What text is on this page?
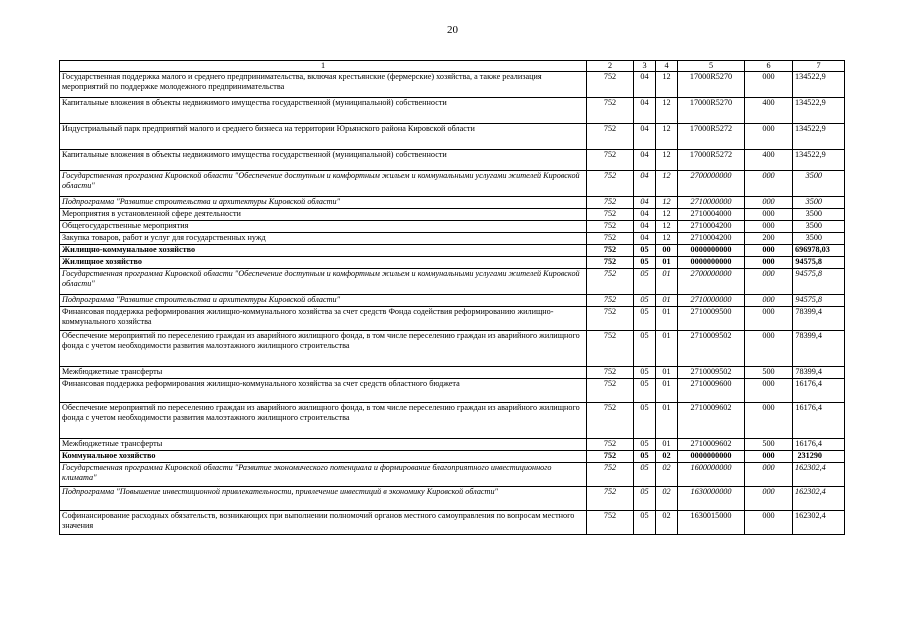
20
1	2	3	4	5	6	7
Государственная поддержка малого и среднего предпринимательства, включая крестьянские (фермерские) хозяйства, а также реализация мероприятий по поддержке молодежного предпринимательства	752	04	12	17000R5270	000	134522,9
Капитальные вложения в объекты недвижимого имущества государственной (муниципальной) собственности	752	04	12	17000R5270	400	134522,9
Индустриальный парк предприятий малого и среднего бизнеса на территории Юрьянского района Кировской области	752	04	12	17000R5272	000	134522,9
Капитальные вложения в объекты недвижимого имущества государственной (муниципальной) собственности	752	04	12	17000R5272	400	134522,9
Государственная программа Кировской области "Обеспечение доступным и комфортным жильем и коммунальными услугами жителей Кировской области"	752	04	12	2700000000	000	3500
Подпрограмма "Развитие строительства и архитектуры Кировской области"	752	04	12	2710000000	000	3500
Мероприятия в установленной сфере деятельности	752	04	12	2710004000	000	3500
Общегосударственные мероприятия	752	04	12	2710004200	000	3500
Закупка товаров, работ и услуг для государственных нужд	752	04	12	2710004200	200	3500
Жилищно-коммунальное хозяйство	752	05	00	0000000000	000	696978,03
Жилищное хозяйство	752	05	01	0000000000	000	94575,8
Государственная программа Кировской области "Обеспечение доступным и комфортным жильем и коммунальными услугами жителей Кировской области"	752	05	01	2700000000	000	94575,8
Подпрограмма "Развитие строительства и архитектуры Кировской области"	752	05	01	2710000000	000	94575,8
Финансовая поддержка реформирования жилищно-коммунального хозяйства за счет средств Фонда содействия реформированию жилищно-коммунального хозяйства	752	05	01	2710009500	000	78399,4
Обеспечение мероприятий по переселению граждан из аварийного жилищного фонда, в том числе переселению граждан из аварийного жилищного фонда с учетом необходимости развития малоэтажного жилищного строительства	752	05	01	2710009502	000	78399,4
Межбюджетные трансферты	752	05	01	2710009502	500	78399,4
Финансовая поддержка реформирования жилищно-коммунального хозяйства за счет средств областного бюджета	752	05	01	2710009600	000	16176,4
Обеспечение мероприятий по переселению граждан из аварийного жилищного фонда, в том числе переселению граждан из аварийного жилищного фонда с учетом необходимости развития малоэтажного жилищного строительства	752	05	01	2710009602	000	16176,4
Межбюджетные трансферты	752	05	01	2710009602	500	16176,4
Коммунальное хозяйство	752	05	02	0000000000	000	231290
Государственная программа Кировской области "Развитие экономического потенциала и формирование благоприятного инвестиционного климата"	752	05	02	1600000000	000	162302,4
Подпрограмма "Повышение инвестиционной привлекательности, привлечение инвестиций в экономику Кировской области"	752	05	02	1630000000	000	162302,4
Софинансирование расходных обязательств, возникающих при выполнении полномочий органов местного самоуправления по вопросам местного значения	752	05	02	1630015000	000	162302,4
